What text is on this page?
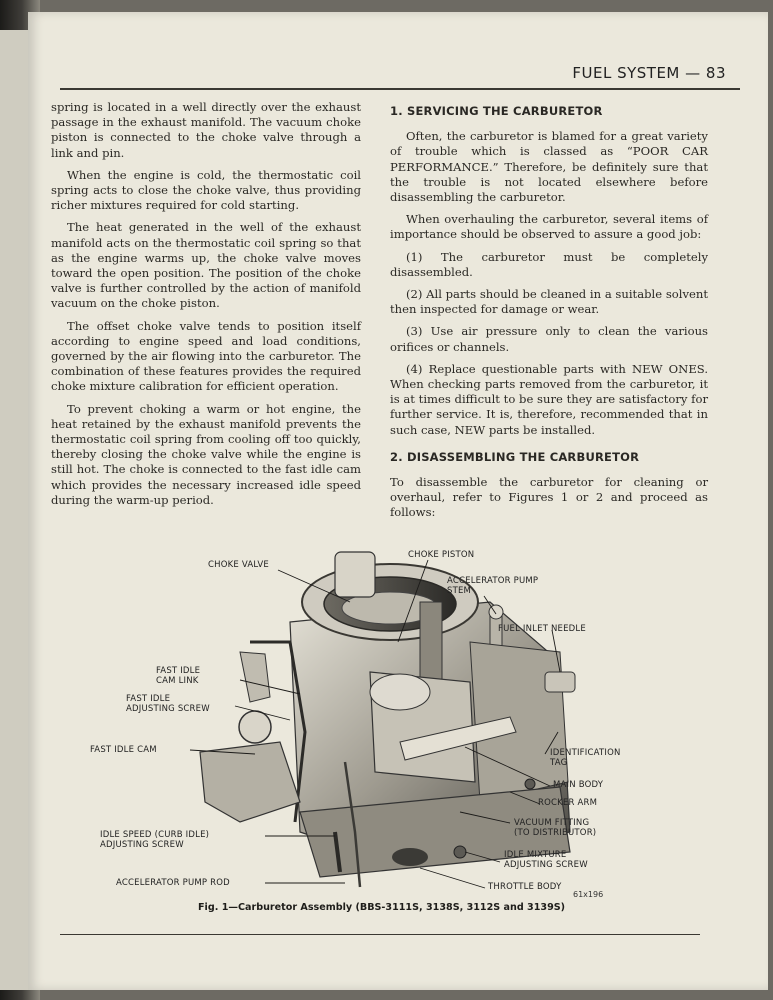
FUEL SYSTEM — 83

spring is located in a well directly over the exhaust passage in the exhaust manifold. The vacuum choke piston is connected to the choke valve through a link and pin.

When the engine is cold, the thermostatic coil spring acts to close the choke valve, thus providing richer mixtures required for cold starting.

The heat generated in the well of the exhaust manifold acts on the thermostatic coil spring so that as the engine warms up, the choke valve moves toward the open position. The position of the choke valve is further controlled by the action of manifold vacuum on the choke piston.

The offset choke valve tends to position itself according to engine speed and load conditions, governed by the air flowing into the carburetor. The combination of these features provides the required choke mixture calibration for efficient operation.

To prevent choking a warm or hot engine, the heat retained by the exhaust manifold prevents the thermostatic coil spring from cooling off too quickly, thereby closing the choke valve while the engine is still hot. The choke is connected to the fast idle cam which provides the necessary increased idle speed during the warm-up period.

1. SERVICING THE CARBURETOR

Often, the carburetor is blamed for a great variety of trouble which is classed as “POOR CAR PERFORMANCE.” Therefore, be definitely sure that the trouble is not located elsewhere before disassembling the carburetor.

When overhauling the carburetor, several items of importance should be observed to assure a good job:

(1) The carburetor must be completely disassembled.

(2) All parts should be cleaned in a suitable solvent then inspected for damage or wear.

(3) Use air pressure only to clean the various orifices or channels.

(4) Replace questionable parts with NEW ONES. When checking parts removed from the carburetor, it is at times difficult to be sure they are satisfactory for further service. It is, therefore, recommended that in such case, NEW parts be installed.

2. DISASSEMBLING THE CARBURETOR

To disassemble the carburetor for cleaning or overhaul, refer to Figures 1 or 2 and proceed as follows:

CHOKE VALVE
CHOKE PISTON
ACCELERATOR PUMP
STEM
FUEL INLET NEEDLE
FAST IDLE
CAM LINK
FAST IDLE
ADJUSTING SCREW
FAST IDLE CAM	IDENTIFICATION
TAG
MAIN BODY
ROCKER ARM
VACUUM FITTING
(TO DISTRIBUTOR)
IDLE SPEED (CURB IDLE)
ADJUSTING SCREW
IDLE MIXTURE
ADJUSTING SCREW
ACCELERATOR PUMP ROD	THROTTLE BODY
61x196
Fig. 1—Carburetor Assembly (BBS-3111S, 3138S, 3112S and 3139S)
